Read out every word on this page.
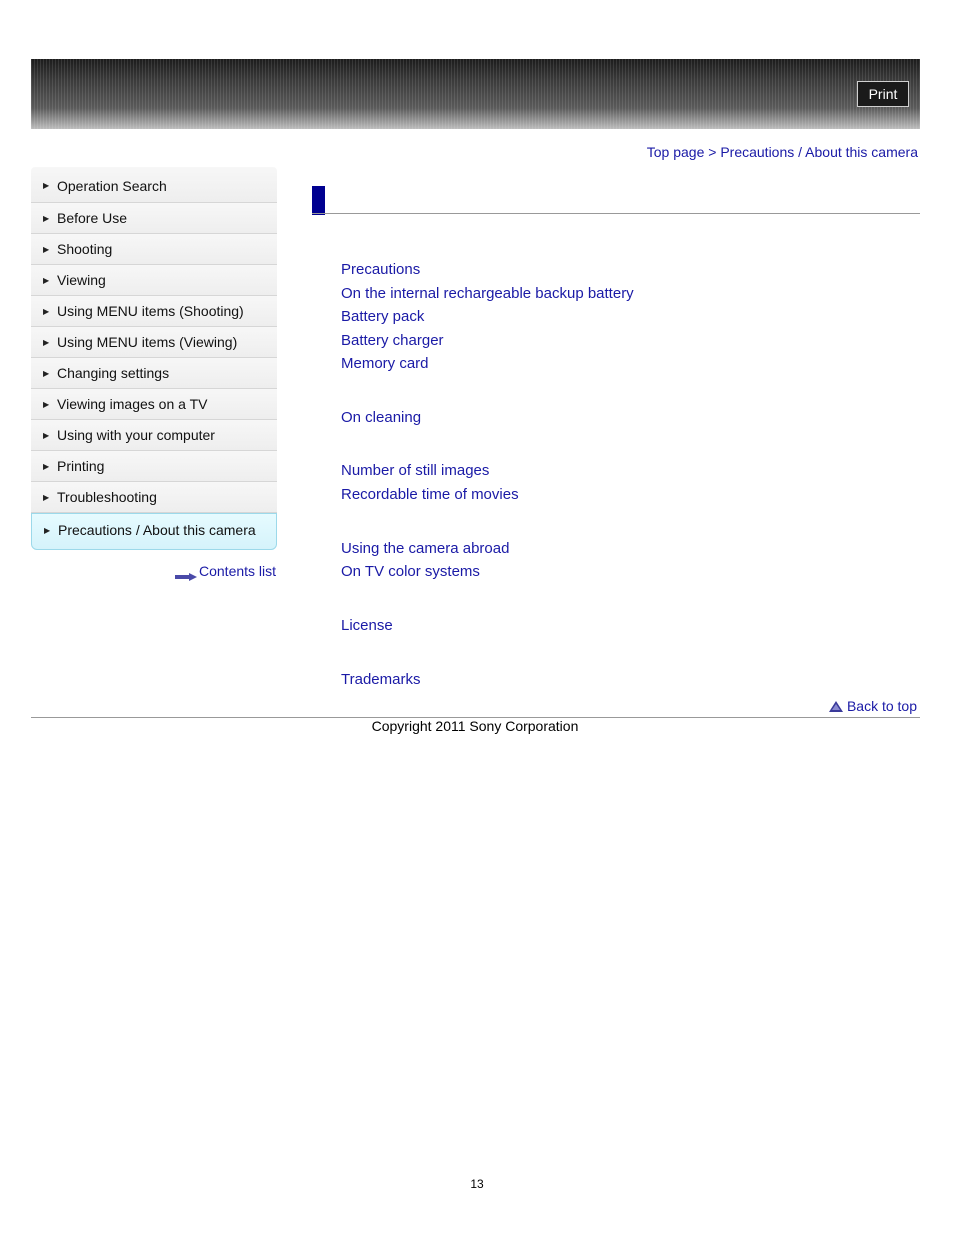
Print
Top page > Precautions / About this camera
▶ Operation Search
▶ Before Use
▶ Shooting
▶ Viewing
▶ Using MENU items (Shooting)
▶ Using MENU items (Viewing)
▶ Changing settings
▶ Viewing images on a TV
▶ Using with your computer
▶ Printing
▶ Troubleshooting
▶ Precautions / About this camera
Contents list
Precautions
On the internal rechargeable backup battery
Battery pack
Battery charger
Memory card
On cleaning
Number of still images
Recordable time of movies
Using the camera abroad
On TV color systems
License
Trademarks
Back to top
Copyright 2011 Sony Corporation
13
